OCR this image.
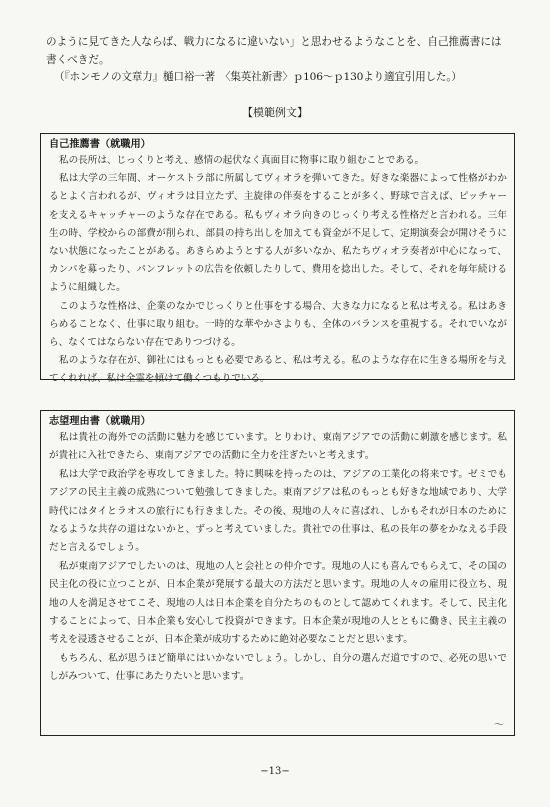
のように見てきた人ならば、戦力になるに違いない」と思わせるようなことを、自己推薦書には書くべきだ。

（『ホンモノの文章力』樋口裕一著　〈集英社新書〉ｐ106～ｐ130より適宜引用した。）

【模範例文】
自己推薦書（就職用）

私の長所は、じっくりと考え、感情の起伏なく真面目に物事に取り組むことである。

私は大学の三年間、オーケストラ部に所属してヴィオラを弾いてきた。好きな楽器によって性格がわかるとよく言われるが、ヴィオラは目立たず、主旋律の伴奏をすることが多く、野球で言えば、ピッチャーを支えるキャッチャーのような存在である。私もヴィオラ向きのじっくり考える性格だと言われる。三年生の時、学校からの部費が削られ、部員の持ち出しを加えても資金が不足して、定期演奏会が開けそうにない状態になったことがある。あきらめようとする人が多いなか、私たちヴィオラ奏者が中心になって、カンパを募ったり、パンフレットの広告を依頼したりして、費用を捻出した。そして、それを毎年続けるように組織した。

このような性格は、企業のなかでじっくりと仕事をする場合、大きな力になると私は考える。私はあきらめることなく、仕事に取り組む。一時的な華やかさよりも、全体のバランスを重視する。それでいながら、なくてはならない存在でありつづける。

私のような存在が、御社にはもっとも必要であると、私は考える。私のような存在に生きる場所を与えてくれれば、私は全霊を傾けて働くつもりでいる。

志望理由書（就職用）

私は貴社の海外での活動に魅力を感じています。とりわけ、東南アジアでの活動に刺激を感じます。私が貴社に入社できたら、東南アジアでの活動に全力を注ぎたいと考えます。

私は大学で政治学を専攻してきました。特に興味を持ったのは、アジアの工業化の将来です。ゼミでもアジアの民主主義の成熟について勉強してきました。東南アジアは私のもっとも好きな地域であり、大学時代にはタイとラオスの旅行にも行きました。その後、現地の人々に喜ばれ、しかもそれが日本のためになるような共存の道はないかと、ずっと考えていました。貴社での仕事は、私の長年の夢をかなえる手段だと言えるでしょう。

私が東南アジアでしたいのは、現地の人と会社との仲介です。現地の人にも喜んでもらえて、その国の民主化の役に立つことが、日本企業が発展する最大の方法だと思います。現地の人々の雇用に役立ち、現地の人を満足させてこそ、現地の人は日本企業を自分たちのものとして認めてくれます。そして、民主化することによって、日本企業も安心して投資ができます。日本企業が現地の人とともに働き、民主主義の考えを浸透させることが、日本企業が成功するために絶対必要なことだと思います。

もちろん、私が思うほど簡単にはいかないでしょう。しかし、自分の選んだ道ですので、必死の思いでしがみついて、仕事にあたりたいと思います。

〜
−13−
